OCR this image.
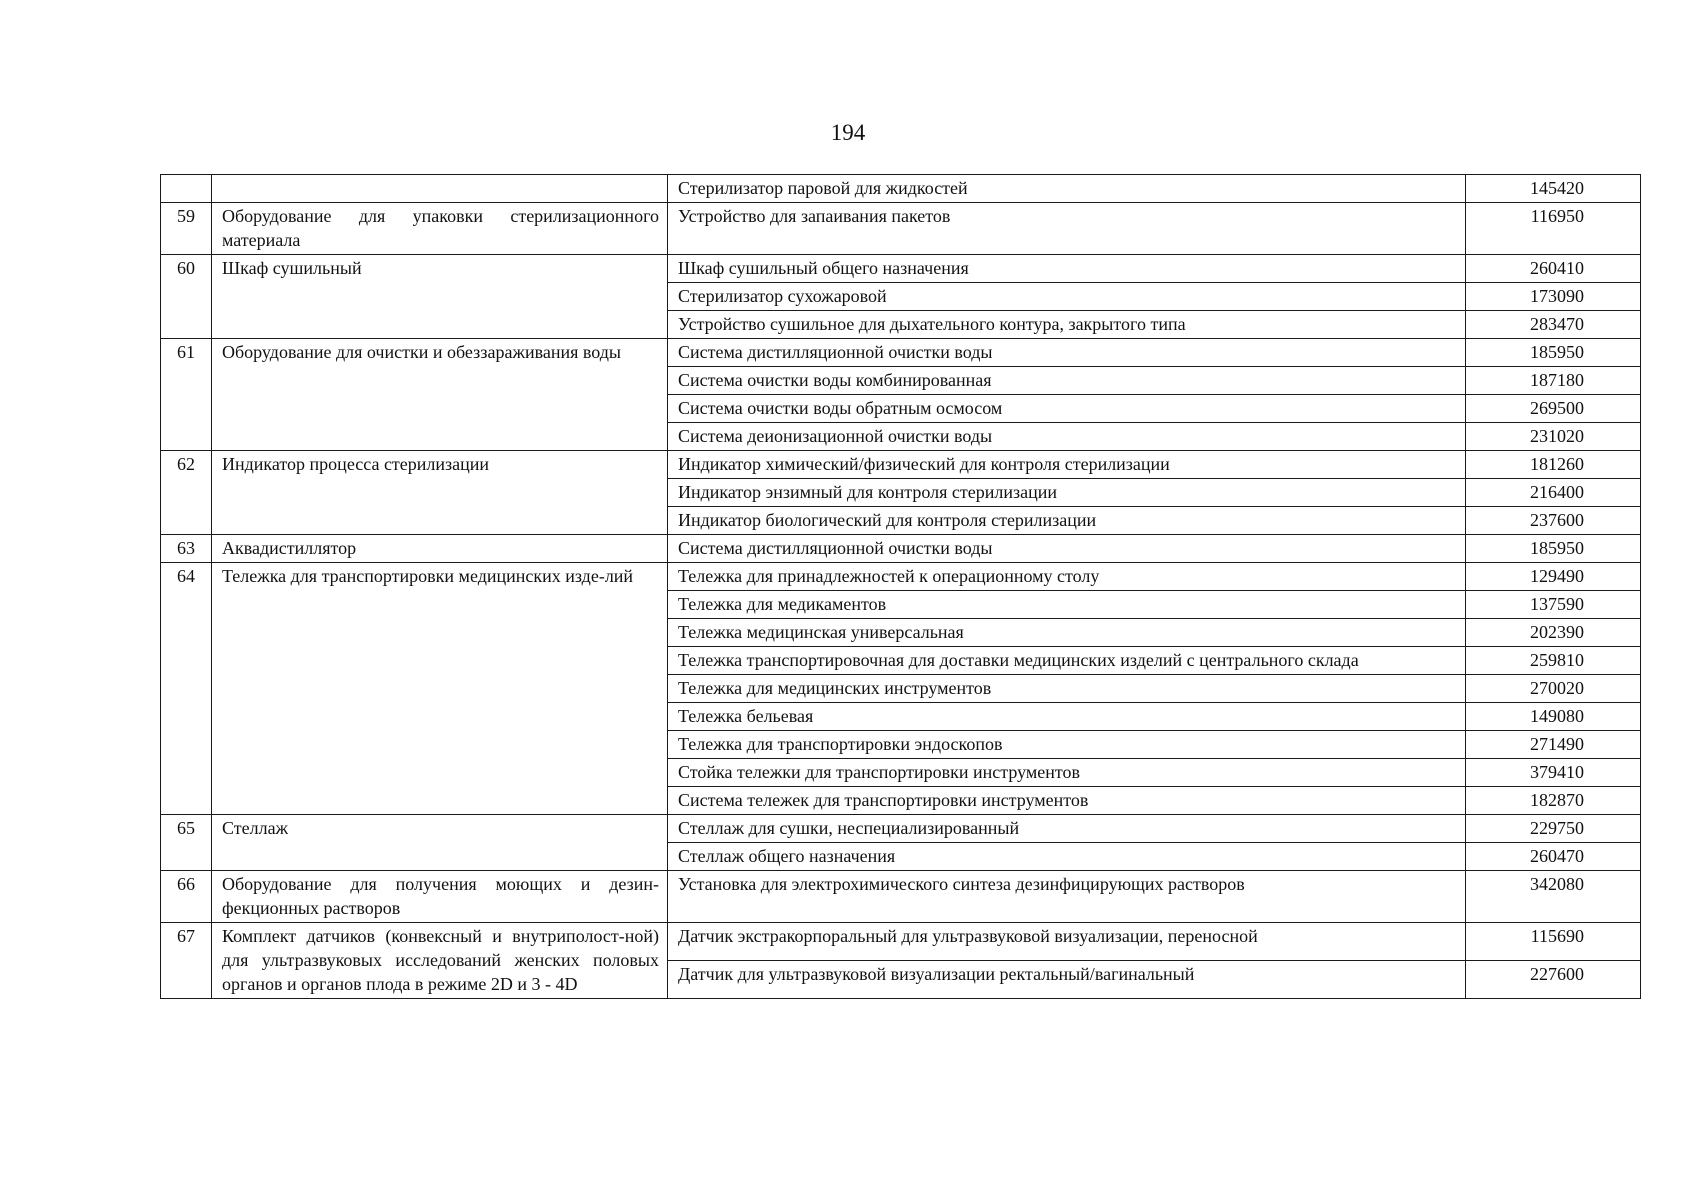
194
		Стерилизатор паровой для жидкостей	145420
59	Оборудование для упаковки стерилизационного материала	Устройство для запаивания пакетов	116950
60	Шкаф сушильный	Шкаф сушильный общего назначения	260410
		Стерилизатор сухожаровой	173090
		Устройство сушильное для дыхательного контура, закрытого типа	283470
61	Оборудование для очистки и обеззараживания воды	Система дистилляционной очистки воды	185950
		Система очистки воды комбинированная	187180
		Система очистки воды обратным осмосом	269500
		Система деионизационной очистки воды	231020
62	Индикатор процесса стерилизации	Индикатор химический/физический для контроля стерилизации	181260
		Индикатор энзимный для контроля стерилизации	216400
		Индикатор биологический для контроля стерилизации	237600
63	Аквадистиллятор	Система дистилляционной очистки воды	185950
64	Тележка для транспортировки медицинских изде-лий	Тележка для принадлежностей к операционному столу	129490
		Тележка для медикаментов	137590
		Тележка медицинская универсальная	202390
		Тележка транспортировочная для доставки медицинских изделий с центрального склада	259810
		Тележка для медицинских инструментов	270020
		Тележка бельевая	149080
		Тележка для транспортировки эндоскопов	271490
		Стойка тележки для транспортировки инструментов	379410
		Система тележек для транспортировки инструментов	182870
65	Стеллаж	Стеллаж для сушки, неспециализированный	229750
		Стеллаж общего назначения	260470
66	Оборудование для получения моющих и дезин-фекционных растворов	Установка для электрохимического синтеза дезинфицирующих растворов	342080
67	Комплект датчиков (конвексный и внутриполост-ной) для ультразвуковых исследований женских половых органов и органов плода в режиме 2D и 3 - 4D	Датчик экстракорпоральный для ультразвуковой визуализации, переносной	115690
		Датчик для ультразвуковой визуализации ректальный/вагинальный	227600
